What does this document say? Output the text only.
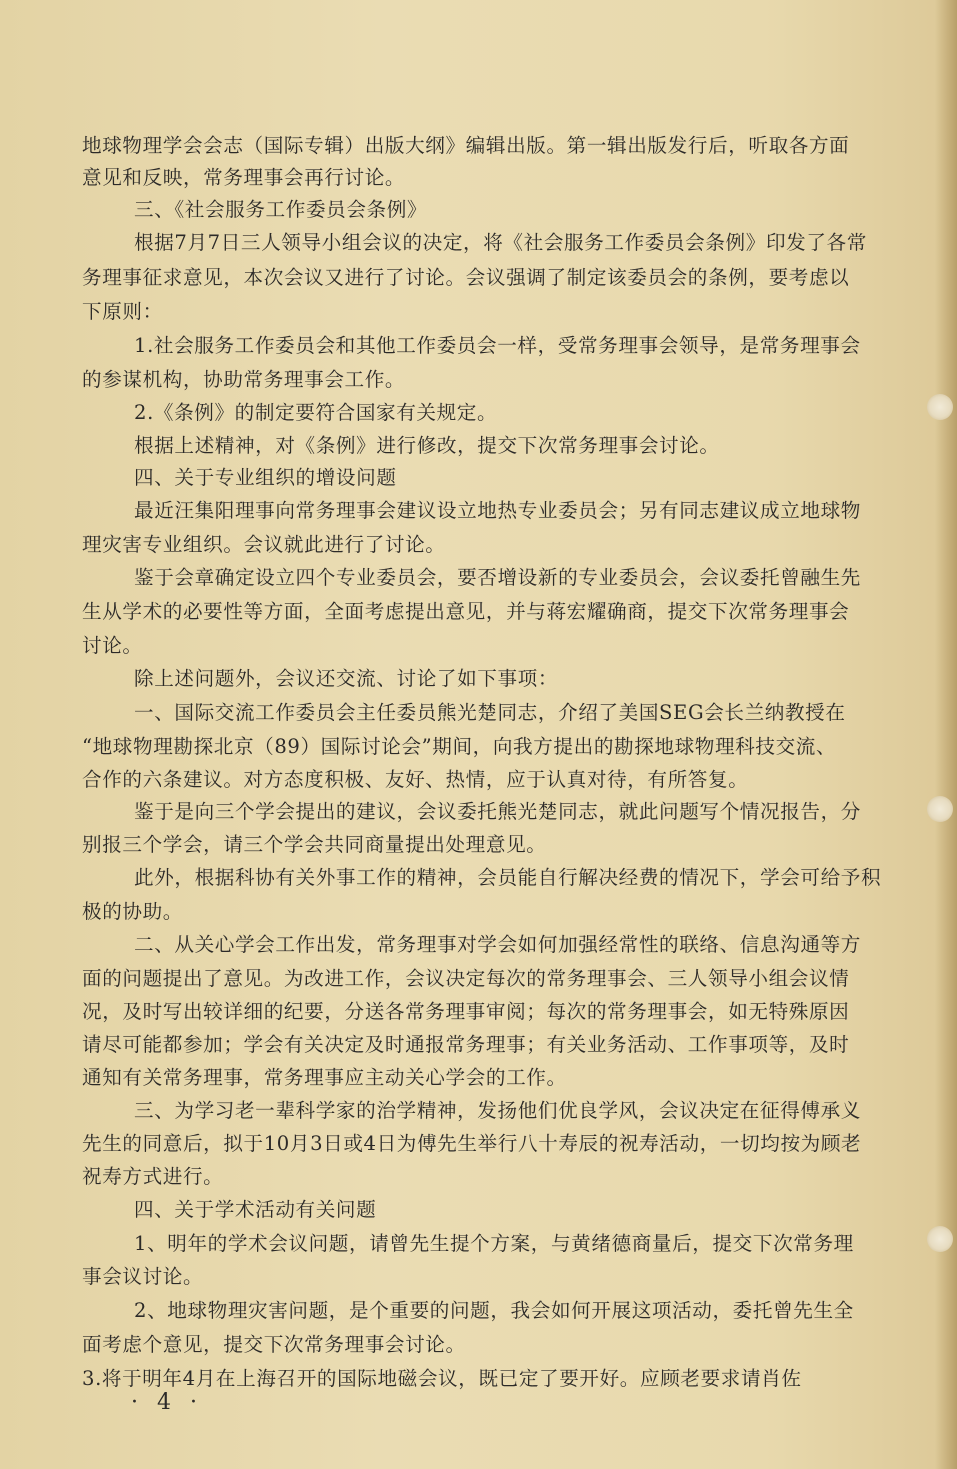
地球物理学会会志（国际专辑）出版大纲》编辑出版。第一辑出版发行后，听取各方面
意见和反映，常务理事会再行讨论。
三、《社会服务工作委员会条例》
根据7月7日三人领导小组会议的决定，将《社会服务工作委员会条例》印发了各常
务理事征求意见，本次会议又进行了讨论。会议强调了制定该委员会的条例，要考虑以
下原则：
1.社会服务工作委员会和其他工作委员会一样，受常务理事会领导，是常务理事会
的参谋机构，协助常务理事会工作。
2.《条例》的制定要符合国家有关规定。
根据上述精神，对《条例》进行修改，提交下次常务理事会讨论。
四、关于专业组织的增设问题
最近汪集阳理事向常务理事会建议设立地热专业委员会；另有同志建议成立地球物
理灾害专业组织。会议就此进行了讨论。
鉴于会章确定设立四个专业委员会，要否增设新的专业委员会，会议委托曾融生先
生从学术的必要性等方面，全面考虑提出意见，并与蒋宏耀确商，提交下次常务理事会
讨论。
除上述问题外，会议还交流、讨论了如下事项：
一、国际交流工作委员会主任委员熊光楚同志，介绍了美国SEG会长兰纳教授在
“地球物理勘探北京（89）国际讨论会”期间，向我方提出的勘探地球物理科技交流、
合作的六条建议。对方态度积极、友好、热情，应于认真对待，有所答复。
鉴于是向三个学会提出的建议，会议委托熊光楚同志，就此问题写个情况报告，分
别报三个学会，请三个学会共同商量提出处理意见。
此外，根据科协有关外事工作的精神，会员能自行解决经费的情况下，学会可给予积
极的协助。
二、从关心学会工作出发，常务理事对学会如何加强经常性的联络、信息沟通等方
面的问题提出了意见。为改进工作，会议决定每次的常务理事会、三人领导小组会议情
况，及时写出较详细的纪要，分送各常务理事审阅；每次的常务理事会，如无特殊原因
请尽可能都参加；学会有关决定及时通报常务理事；有关业务活动、工作事项等，及时
通知有关常务理事，常务理事应主动关心学会的工作。
三、为学习老一辈科学家的治学精神，发扬他们优良学风，会议决定在征得傅承义
先生的同意后，拟于10月3日或4日为傅先生举行八十寿辰的祝寿活动，一切均按为顾老
祝寿方式进行。
四、关于学术活动有关问题
1、明年的学术会议问题，请曾先生提个方案，与黄绪德商量后，提交下次常务理
事会议讨论。
2、地球物理灾害问题，是个重要的问题，我会如何开展这项活动，委托曾先生全
面考虑个意见，提交下次常务理事会讨论。
3.将于明年4月在上海召开的国际地磁会议，既已定了要开好。应顾老要求请肖佐
· 4 ·
